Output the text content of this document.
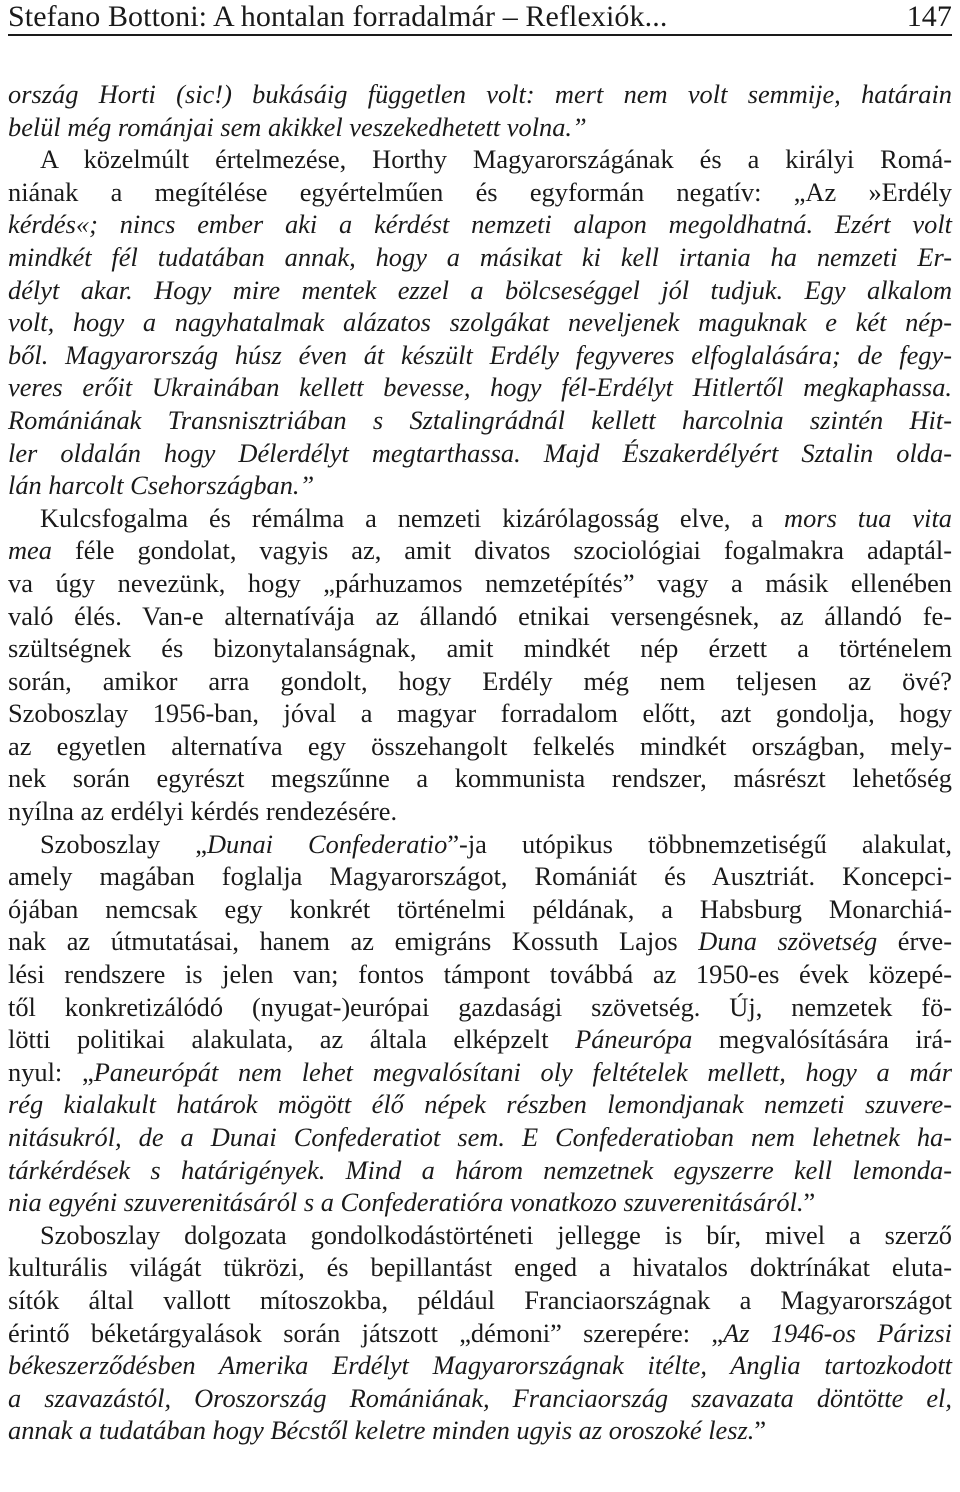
Stefano Bottoni: A hontalan forradalmár – Reflexiók...	147
ország Horti (sic!) bukásáig független volt: mert nem volt semmije, határain
belül még románjai sem akikkel veszekedhetett volna.”
A közelmúlt értelmezése, Horthy Magyarországának és a királyi Romá-
niának a megítélése egyértelműen és egyformán negatív: „Az »Erdély
kérdés«; nincs ember aki a kérdést nemzeti alapon megoldhatná. Ezért volt
mindkét fél tudatában annak, hogy a másikat ki kell irtania ha nemzeti Er-
délyt akar. Hogy mire mentek ezzel a bölcseséggel jól tudjuk. Egy alkalom
volt, hogy a nagyhatalmak alázatos szolgákat neveljenek maguknak e két nép-
ből. Magyarország húsz éven át készült Erdély fegyveres elfoglalására; de fegy-
veres erőit Ukrainában kellett bevesse, hogy fél-Erdélyt Hitlertől megkaphassa.
Romániának Transnisztriában s Sztalingrádnál kellett harcolnia szintén Hit-
ler oldalán hogy Délerdélyt megtarthassa. Majd Északerdélyért Sztalin olda-
lán harcolt Csehországban.”
Kulcsfogalma és rémálma a nemzeti kizárólagosság elve, a mors tua vita
mea féle gondolat, vagyis az, amit divatos szociológiai fogalmakra adaptál-
va úgy nevezünk, hogy „párhuzamos nemzetépítés” vagy a másik ellenében
való élés. Van-e alternatívája az állandó etnikai versengésnek, az állandó fe-
szültségnek és bizonytalanságnak, amit mindkét nép érzett a történelem
során, amikor arra gondolt, hogy Erdély még nem teljesen az övé?
Szoboszlay 1956-ban, jóval a magyar forradalom előtt, azt gondolja, hogy
az egyetlen alternatíva egy összehangolt felkelés mindkét országban, mely-
nek során egyrészt megszűnne a kommunista rendszer, másrészt lehetőség
nyílna az erdélyi kérdés rendezésére.
Szoboszlay „Dunai Confederatio”-ja utópikus többnemzetiségű alakulat,
amely magában foglalja Magyarországot, Romániát és Ausztriát. Koncepci-
ójában nemcsak egy konkrét történelmi példának, a Habsburg Monarchiá-
nak az útmutatásai, hanem az emigráns Kossuth Lajos Duna szövetség érve-
lési rendszere is jelen van; fontos támpont továbbá az 1950-es évek közepé-
től konkretizálódó (nyugat-)európai gazdasági szövetség. Új, nemzetek fö-
lötti politikai alakulata, az általa elképzelt Páneurópa megvalósítására irá-
nyul: „Paneurópát nem lehet megvalósítani oly feltételek mellett, hogy a már
rég kialakult határok mögött élő népek részben lemondjanak nemzeti szuvere-
nitásukról, de a Dunai Confederatiot sem. E Confederatioban nem lehetnek ha-
tárkérdések s határigények. Mind a három nemzetnek egyszerre kell lemonda-
nia egyéni szuverenitásáról s a Confederatióra vonatkozo szuverenitásáról.”
Szoboszlay dolgozata gondolkodástörténeti jellegge is bír, mivel a szerző
kulturális világát tükrözi, és bepillantást enged a hivatalos doktrínákat eluta-
sítók által vallott mítoszokba, például Franciaországnak a Magyarországot
érintő béketárgyalások során játszott „démoni” szerepére: „Az 1946-os Párizsi
békeszerződésben Amerika Erdélyt Magyarországnak itélte, Anglia tartozkodott
a szavazástól, Oroszország Romániának, Franciaország szavazata döntötte el,
annak a tudatában hogy Bécstől keletre minden ugyis az oroszoké lesz.”
